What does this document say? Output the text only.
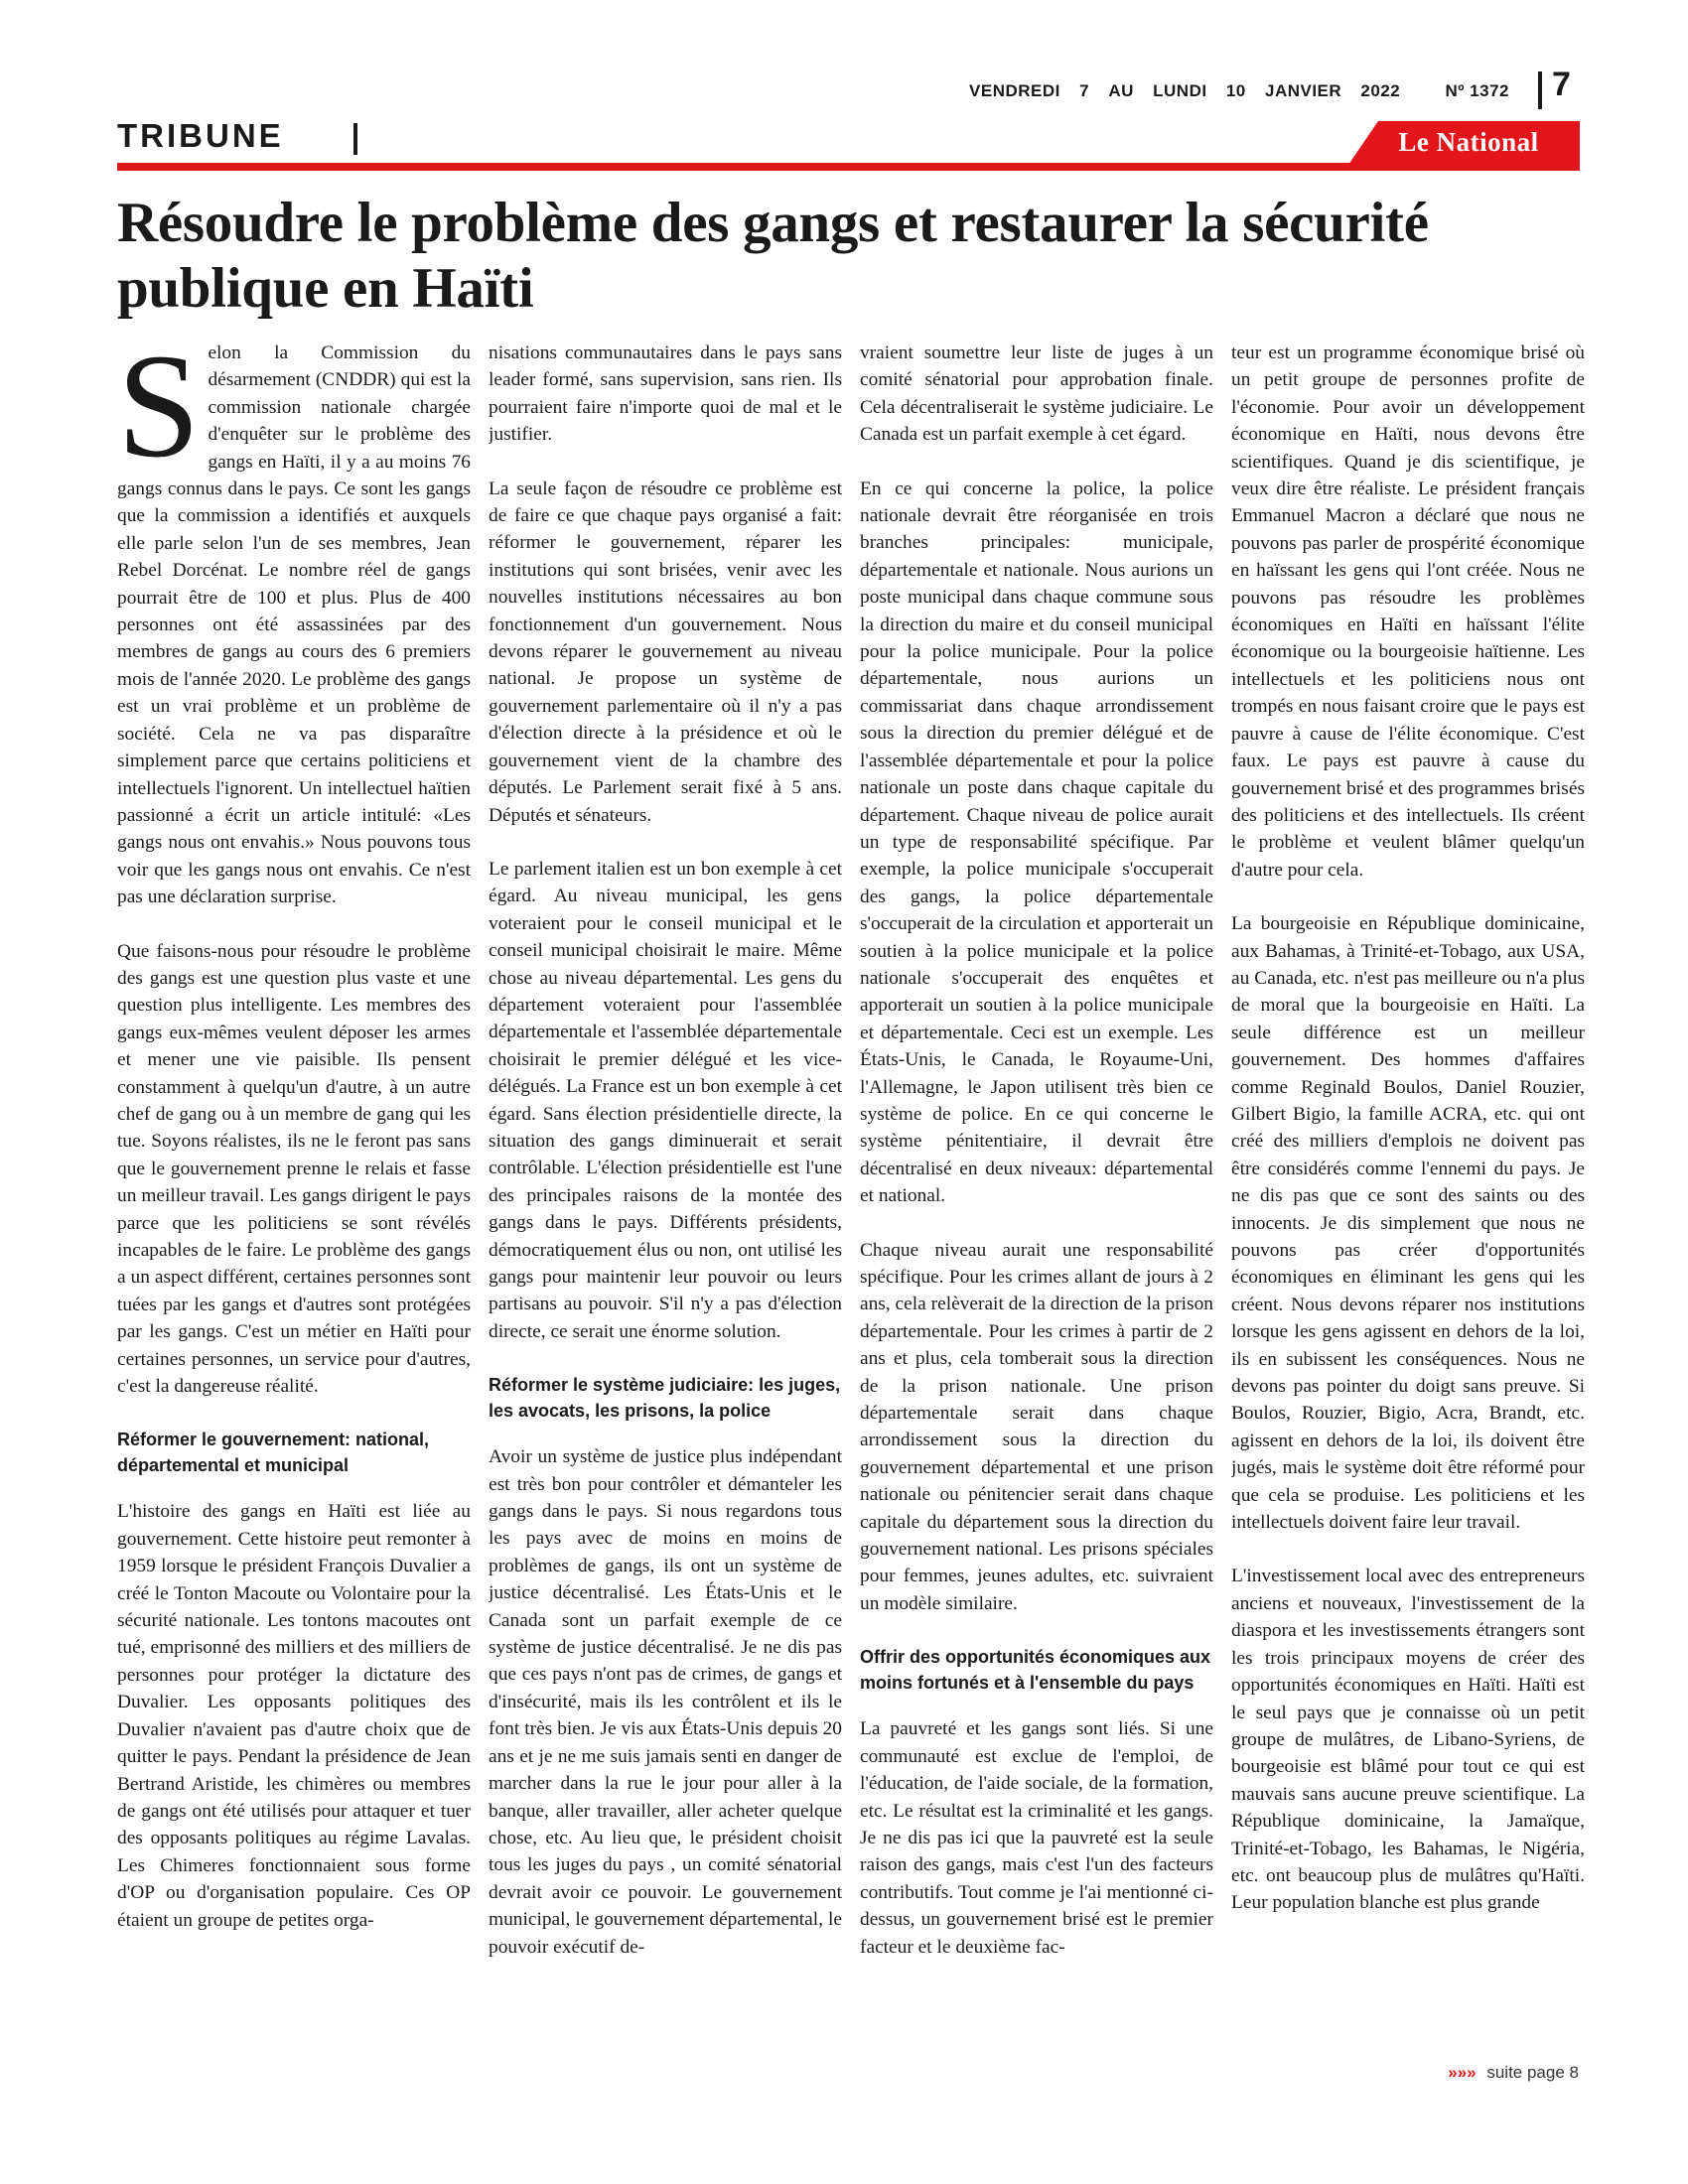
VENDREDI 7 AU LUNDI 10 JANVIER 2022	Nº 1372 7
TRIBUNE	Le National
Résoudre le problème des gangs et restaurer la sécurité publique en Haïti

Selon la Commission du désarmement (CNDDR) qui est la commission nationale chargée d'enquêter sur le problème des gangs en Haïti, il y a au moins 76 gangs connus dans le pays. Ce sont les gangs que la commission a identifiés et auxquels elle parle selon l'un de ses membres, Jean Rebel Dorcénat. Le nombre réel de gangs pourrait être de 100 et plus. Plus de 400 personnes ont été assassinées par des membres de gangs au cours des 6 premiers mois de l'année 2020. Le problème des gangs est un vrai problème et un problème de société. Cela ne va pas disparaître simplement parce que certains politiciens et intellectuels l'ignorent. Un intellectuel haïtien passionné a écrit un article intitulé: «Les gangs nous ont envahis.» Nous pouvons tous voir que les gangs nous ont envahis. Ce n'est pas une déclaration surprise.

Que faisons-nous pour résoudre le problème des gangs est une question plus vaste et une question plus intelligente. Les membres des gangs eux-mêmes veulent déposer les armes et mener une vie paisible. Ils pensent constamment à quelqu'un d'autre, à un autre chef de gang ou à un membre de gang qui les tue. Soyons réalistes, ils ne le feront pas sans que le gouvernement prenne le relais et fasse un meilleur travail. Les gangs dirigent le pays parce que les politiciens se sont révélés incapables de le faire. Le problème des gangs a un aspect différent, certaines personnes sont tuées par les gangs et d'autres sont protégées par les gangs. C'est un métier en Haïti pour certaines personnes, un service pour d'autres, c'est la dangereuse réalité.

Réformer le gouvernement: national, départemental et municipal

L'histoire des gangs en Haïti est liée au gouvernement. Cette histoire peut remonter à 1959 lorsque le président François Duvalier a créé le Tonton Macoute ou Volontaire pour la sécurité nationale. Les tontons macoutes ont tué, emprisonné des milliers et des milliers de personnes pour protéger la dictature des Duvalier. Les opposants politiques des Duvalier n'avaient pas d'autre choix que de quitter le pays. Pendant la présidence de Jean Bertrand Aristide, les chimères ou membres de gangs ont été utilisés pour attaquer et tuer des opposants politiques au régime Lavalas. Les Chimeres fonctionnaient sous forme d'OP ou d'organisation populaire. Ces OP étaient un groupe de petites orga-

nisations communautaires dans le pays sans leader formé, sans supervision, sans rien. Ils pourraient faire n'importe quoi de mal et le justifier.

La seule façon de résoudre ce problème est de faire ce que chaque pays organisé a fait: réformer le gouvernement, réparer les institutions qui sont brisées, venir avec les nouvelles institutions nécessaires au bon fonctionnement d'un gouvernement. Nous devons réparer le gouvernement au niveau national. Je propose un système de gouvernement parlementaire où il n'y a pas d'élection directe à la présidence et où le gouvernement vient de la chambre des députés. Le Parlement serait fixé à 5 ans. Députés et sénateurs.

Le parlement italien est un bon exemple à cet égard. Au niveau municipal, les gens voteraient pour le conseil municipal et le conseil municipal choisirait le maire. Même chose au niveau départemental. Les gens du département voteraient pour l'assemblée départementale et l'assemblée départementale choisirait le premier délégué et les vice-délégués. La France est un bon exemple à cet égard. Sans élection présidentielle directe, la situation des gangs diminuerait et serait contrôlable. L'élection présidentielle est l'une des principales raisons de la montée des gangs dans le pays. Différents présidents, démocratiquement élus ou non, ont utilisé les gangs pour maintenir leur pouvoir ou leurs partisans au pouvoir. S'il n'y a pas d'élection directe, ce serait une énorme solution.

Réformer le système judiciaire: les juges, les avocats, les prisons, la police

Avoir un système de justice plus indépendant est très bon pour contrôler et démanteler les gangs dans le pays. Si nous regardons tous les pays avec de moins en moins de problèmes de gangs, ils ont un système de justice décentralisé. Les États-Unis et le Canada sont un parfait exemple de ce système de justice décentralisé. Je ne dis pas que ces pays n'ont pas de crimes, de gangs et d'insécurité, mais ils les contrôlent et ils le font très bien. Je vis aux États-Unis depuis 20 ans et je ne me suis jamais senti en danger de marcher dans la rue le jour pour aller à la banque, aller travailler, aller acheter quelque chose, etc. Au lieu que, le président choisit tous les juges du pays , un comité sénatorial devrait avoir ce pouvoir. Le gouvernement municipal, le gouvernement départemental, le pouvoir exécutif de-

vraient soumettre leur liste de juges à un comité sénatorial pour approbation finale. Cela décentraliserait le système judiciaire. Le Canada est un parfait exemple à cet égard.

En ce qui concerne la police, la police nationale devrait être réorganisée en trois branches principales: municipale, départementale et nationale. Nous aurions un poste municipal dans chaque commune sous la direction du maire et du conseil municipal pour la police municipale. Pour la police départementale, nous aurions un commissariat dans chaque arrondissement sous la direction du premier délégué et de l'assemblée départementale et pour la police nationale un poste dans chaque capitale du département. Chaque niveau de police aurait un type de responsabilité spécifique. Par exemple, la police municipale s'occuperait des gangs, la police départementale s'occuperait de la circulation et apporterait un soutien à la police municipale et la police nationale s'occuperait des enquêtes et apporterait un soutien à la police municipale et départementale. Ceci est un exemple. Les États-Unis, le Canada, le Royaume-Uni, l'Allemagne, le Japon utilisent très bien ce système de police. En ce qui concerne le système pénitentiaire, il devrait être décentralisé en deux niveaux: départemental et national.

Chaque niveau aurait une responsabilité spécifique. Pour les crimes allant de jours à 2 ans, cela relèverait de la direction de la prison départementale. Pour les crimes à partir de 2 ans et plus, cela tomberait sous la direction de la prison nationale. Une prison départementale serait dans chaque arrondissement sous la direction du gouvernement départemental et une prison nationale ou pénitencier serait dans chaque capitale du département sous la direction du gouvernement national. Les prisons spéciales pour femmes, jeunes adultes, etc. suivraient un modèle similaire.

Offrir des opportunités économiques aux moins fortunés et à l'ensemble du pays

La pauvreté et les gangs sont liés. Si une communauté est exclue de l'emploi, de l'éducation, de l'aide sociale, de la formation, etc. Le résultat est la criminalité et les gangs. Je ne dis pas ici que la pauvreté est la seule raison des gangs, mais c'est l'un des facteurs contributifs. Tout comme je l'ai mentionné ci-dessus, un gouvernement brisé est le premier facteur et le deuxième fac-

teur est un programme économique brisé où un petit groupe de personnes profite de l'économie. Pour avoir un développement économique en Haïti, nous devons être scientifiques. Quand je dis scientifique, je veux dire être réaliste. Le président français Emmanuel Macron a déclaré que nous ne pouvons pas parler de prospérité économique en haïssant les gens qui l'ont créée. Nous ne pouvons pas résoudre les problèmes économiques en Haïti en haïssant l'élite économique ou la bourgeoisie haïtienne. Les intellectuels et les politiciens nous ont trompés en nous faisant croire que le pays est pauvre à cause de l'élite économique. C'est faux. Le pays est pauvre à cause du gouvernement brisé et des programmes brisés des politiciens et des intellectuels. Ils créent le problème et veulent blâmer quelqu'un d'autre pour cela.

La bourgeoisie en République dominicaine, aux Bahamas, à Trinité-et-Tobago, aux USA, au Canada, etc. n'est pas meilleure ou n'a plus de moral que la bourgeoisie en Haïti. La seule différence est un meilleur gouvernement. Des hommes d'affaires comme Reginald Boulos, Daniel Rouzier, Gilbert Bigio, la famille ACRA, etc. qui ont créé des milliers d'emplois ne doivent pas être considérés comme l'ennemi du pays. Je ne dis pas que ce sont des saints ou des innocents. Je dis simplement que nous ne pouvons pas créer d'opportunités économiques en éliminant les gens qui les créent. Nous devons réparer nos institutions lorsque les gens agissent en dehors de la loi, ils en subissent les conséquences. Nous ne devons pas pointer du doigt sans preuve. Si Boulos, Rouzier, Bigio, Acra, Brandt, etc. agissent en dehors de la loi, ils doivent être jugés, mais le système doit être réformé pour que cela se produise. Les politiciens et les intellectuels doivent faire leur travail.

L'investissement local avec des entrepreneurs anciens et nouveaux, l'investissement de la diaspora et les investissements étrangers sont les trois principaux moyens de créer des opportunités économiques en Haïti. Haïti est le seul pays que je connaisse où un petit groupe de mulâtres, de Libano-Syriens, de bourgeoisie est blâmé pour tout ce qui est mauvais sans aucune preuve scientifique. La République dominicaine, la Jamaïque, Trinité-et-Tobago, les Bahamas, le Nigéria, etc. ont beaucoup plus de mulâtres qu'Haïti. Leur population blanche est plus grande

»»» suite page 8
